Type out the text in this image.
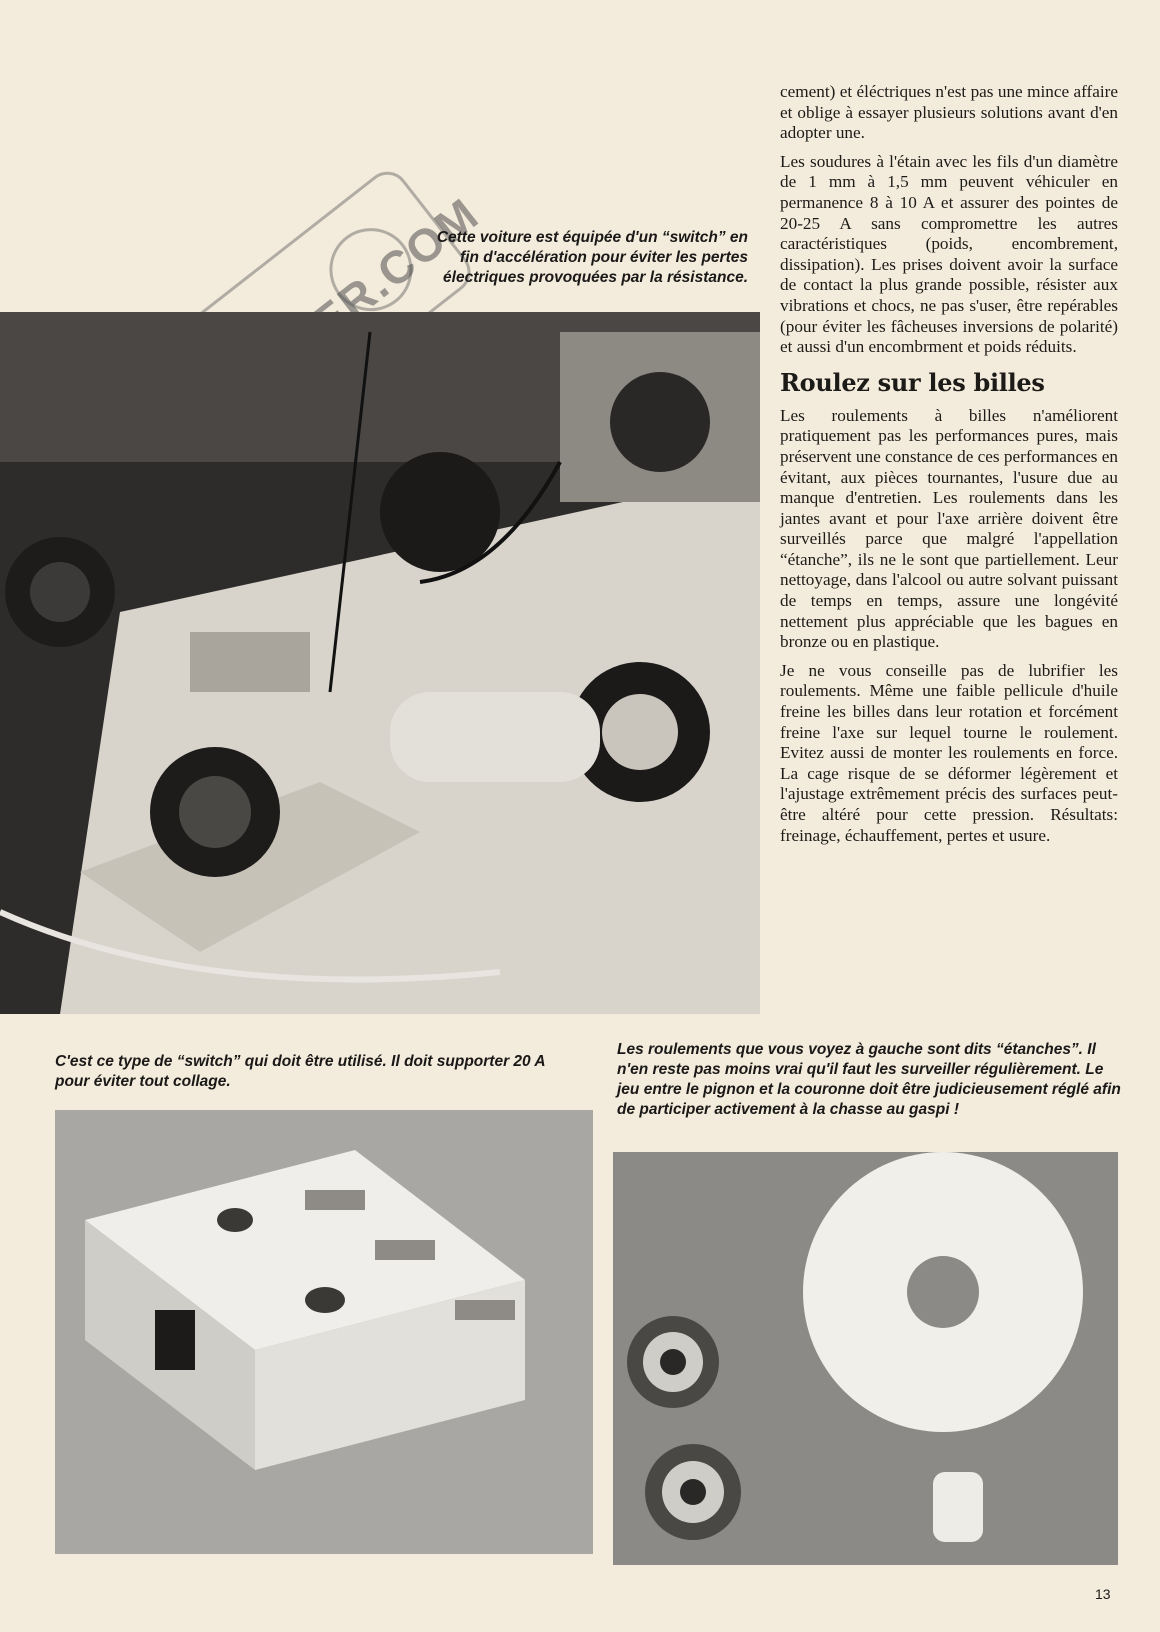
Cette voiture est équipée d'un “switch” en fin d'accélération pour éviter les pertes électriques provoquées par la résistance.

cement) et éléctriques n'est pas une mince affaire et oblige à essayer plusieurs solutions avant d'en adopter une.

Les soudures à l'étain avec les fils d'un diamètre de 1 mm à 1,5 mm peuvent véhiculer en permanence 8 à 10 A et assurer des pointes de 20-25 A sans compromettre les autres caractéristiques (poids, encombrement, dissipation). Les prises doivent avoir la surface de contact la plus grande possible, résister aux vibrations et chocs, ne pas s'user, être repérables (pour éviter les fâcheuses inversions de polarité) et aussi d'un encombrment et poids réduits.

Roulez sur les billes

Les roulements à billes n'améliorent pratiquement pas les performances pures, mais préservent une constance de ces performances en évitant, aux pièces tournantes, l'usure due au manque d'entretien. Les roulements dans les jantes avant et pour l'axe arrière doivent être surveillés parce que malgré l'appellation “étanche”, ils ne le sont que partiellement. Leur nettoyage, dans l'alcool ou autre solvant puissant de temps en temps, assure une longévité nettement plus appréciable que les bagues en bronze ou en plastique.

Je ne vous conseille pas de lubrifier les roulements. Même une faible pellicule d'huile freine les billes dans leur rotation et forcément freine l'axe sur lequel tourne le roulement. Evitez aussi de monter les roulements en force. La cage risque de se déformer légèrement et l'ajustage extrêmement précis des surfaces peut-être altéré pour cette pression. Résultats: freinage, échauffement, pertes et usure.

C'est ce type de “switch” qui doit être utilisé. Il doit supporter 20 A pour éviter tout collage.
Les roulements que vous voyez à gauche sont dits “étanches”. Il n'en reste pas moins vrai qu'il faut les surveiller régulièrement. Le jeu entre le pignon et la couronne doit être judicieusement réglé afin de participer activement à la chasse au gaspi !
13
